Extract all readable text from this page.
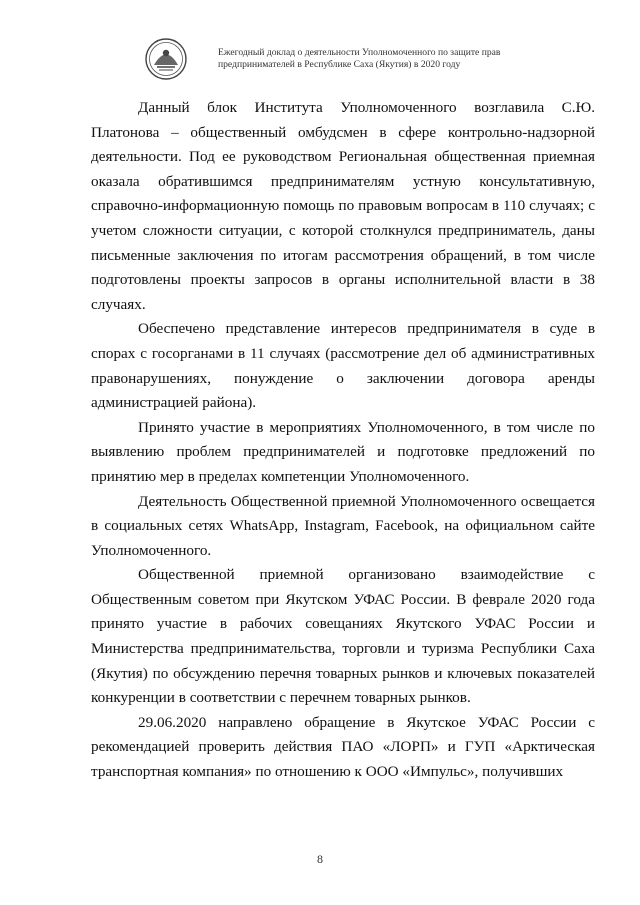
Ежегодный доклад о деятельности Уполномоченного по защите прав
предпринимателей в Республике Саха (Якутия) в 2020 году

Данный блок Института Уполномоченного возглавила С.Ю. Платонова – общественный омбудсмен в сфере контрольно-надзорной деятельности. Под ее руководством Региональная общественная приемная оказала обратившимся предпринимателям устную консультативную, справочно-информационную помощь по правовым вопросам в 110 случаях; с учетом сложности ситуации, с которой столкнулся предприниматель, даны письменные заключения по итогам рассмотрения обращений, в том числе подготовлены проекты запросов в органы исполнительной власти в 38 случаях.

Обеспечено представление интересов предпринимателя в суде в спорах с госорганами в 11 случаях (рассмотрение дел об административных правонарушениях, понуждение о заключении договора аренды администрацией района).

Принято участие в мероприятиях Уполномоченного, в том числе по выявлению проблем предпринимателей и подготовке предложений по принятию мер в пределах компетенции Уполномоченного.

Деятельность Общественной приемной Уполномоченного освещается в социальных сетях WhatsApp, Instagram, Facebook, на официальном сайте Уполномоченного.

Общественной приемной организовано взаимодействие с Общественным советом при Якутском УФАС России. В феврале 2020 года принято участие в рабочих совещаниях Якутского УФАС России и Министерства предпринимательства, торговли и туризма Республики Саха (Якутия) по обсуждению перечня товарных рынков и ключевых показателей конкуренции в соответствии с перечнем товарных рынков.

29.06.2020 направлено обращение в Якутское УФАС России с рекомендацией проверить действия ПАО «ЛОРП» и ГУП «Арктическая транспортная компания» по отношению к ООО «Импульс», получивших

8
